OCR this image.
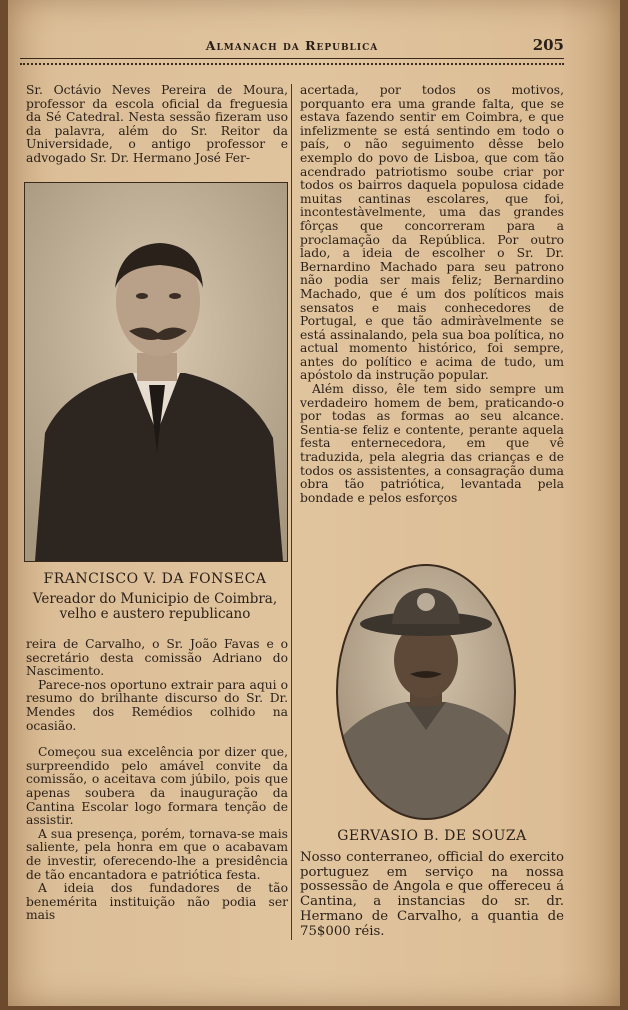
Almanach da Republica	205

Sr. Octávio Neves Pereira de Moura, professor da escola oficial da freguesia da Sé Catedral. Nesta sessão fizeram uso da palavra, além do Sr. Reitor da Universidade, o antigo professor e advogado Sr. Dr. Hermano José Fer-

FRANCISCO V. DA FONSECA
Vereador do Municipio de Coimbra, velho e austero republicano

reira de Carvalho, o Sr. João Favas e o secretário desta comissão Adriano do Nascimento.

Parece-nos oportuno extrair para aqui o resumo do brilhante discurso do Sr. Dr. Mendes dos Remédios colhido na ocasião.

Começou sua excelência por dizer que, surpreendido pelo amável convite da comissão, o aceitava com júbilo, pois que apenas soubera da inauguração da Cantina Escolar logo formara tenção de assistir.

A sua presença, porém, tornava-se mais saliente, pela honra em que o acabavam de investir, oferecendo-lhe a presidência de tão encantadora e patriótica festa.

A ideia dos fundadores de tão benemérita instituição não podia ser mais

acertada, por todos os motivos, porquanto era uma grande falta, que se estava fazendo sentir em Coimbra, e que infelizmente se está sentindo em todo o país, o não seguimento dêsse belo exemplo do povo de Lisboa, que com tão acendrado patriotismo soube criar por todos os bairros daquela populosa cidade muitas cantinas escolares, que foi, incontestàvelmente, uma das grandes fôrças que concorreram para a proclamação da República. Por outro lado, a ideia de escolher o Sr. Dr. Bernardino Machado para seu patrono não podia ser mais feliz; Bernardino Machado, que é um dos políticos mais sensatos e mais conhecedores de Portugal, e que tão admiràvelmente se está assinalando, pela sua boa política, no actual momento histórico, foi sempre, antes do político e acima de tudo, um apóstolo da instrução popular.

Além disso, êle tem sido sempre um verdadeiro homem de bem, praticando-o por todas as formas ao seu alcance. Sentia-se feliz e contente, perante aquela festa enternecedora, em que vê traduzida, pela alegria das crianças e de todos os assistentes, a consagração duma obra tão patriótica, levantada pela bondade e pelos esforços

GERVASIO B. DE SOUZA
Nosso conterraneo, official do exercito portuguez em serviço na nossa possessão de Angola e que offereceu á Cantina, a instancias do sr. dr. Hermano de Carvalho, a quantia de 75$000 réis.
